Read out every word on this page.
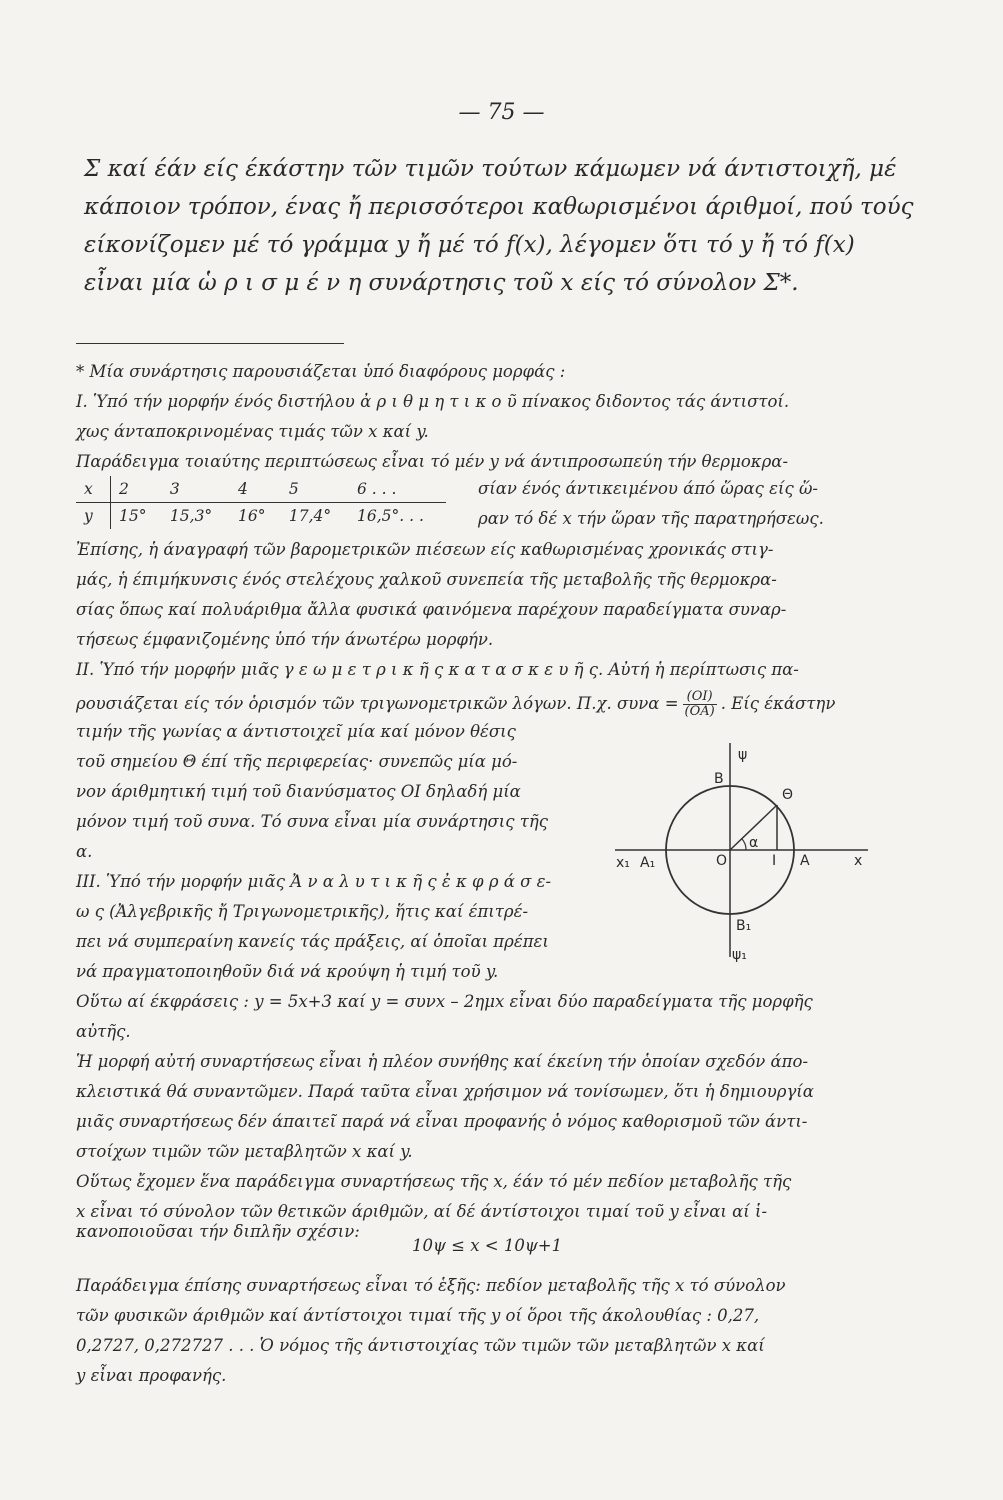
— 75 —
Σ καί έάν είς έκάστην τῶν τιμῶν τούτων κάμωμεν νά άντιστοιχῆ, μέ
κάποιον τρόπον, ένας ἤ περισσότεροι καθωρισμένοι άριθμοί, πού τούς
είκονίζομεν μέ τό γράμμα y ἤ μέ τό f(x), λέγομεν ὅτι τό y ἤ τό f(x)
εἶναι μία ὡ ρ ι σ μ έ ν η συνάρτησις τοῦ x είς τό σύνολον Σ*.

* Μία συνάρτησις παρουσιάζεται ὑπό διαφόρους μορφάς :

Ι. Ὑπό τήν μορφήν ένός διστήλου ἀ ρ ι θ μ η τ ι κ ο ῦ πίνακος διδοντος τάς άντιστοί.

χως άνταποκρινομένας τιμάς τῶν x καί y.

Παράδειγμα τοιαύτης περιπτώσεως εἶναι τό μέν y νά άντιπροσωπεύη τήν θερμοκρα-

x	2	3	4	5	6 . . .
y	15°	15,3°	16°	17,4°	16,5°. . .
σίαν ένός άντικειμένου άπό ὥρας είς ὥ-
ραν τό δέ x τήν ὥραν τῆς παρατηρήσεως.

Ἐπίσης, ἡ άναγραφή τῶν βαρομετρικῶν πιέσεων είς καθωρισμένας χρονικάς στιγ-

μάς, ἡ έπιμήκυνσις ένός στελέχους χαλκοῦ συνεπεία τῆς μεταβολῆς τῆς θερμοκρα-

σίας ὅπως καί πολυάριθμα ἄλλα φυσικά φαινόμενα παρέχουν παραδείγματα συναρ-

τήσεως έμφανιζομένης ὑπό τήν άνωτέρω μορφήν.

ΙΙ. Ὑπό τήν μορφήν μιᾶς γ ε ω μ ε τ ρ ι κ ῆ ς κ α τ α σ κ ε υ ῆ ς. Αὐτή ἡ περίπτωσις πα-

ρουσιάζεται είς τόν ὁρισμόν τῶν τριγωνομετρικῶν λόγων. Π.χ. $\sigma\upsilon\nu\alpha = \frac{(OI)}{(OA)}$ . Είς έκάστην

τιμήν τῆς γωνίας α άντιστοιχεῖ μία καί μόνον θέσις

τοῦ σημείου Θ έπί τῆς περιφερείας· συνεπῶς μία μό-

νον άριθμητική τιμή τοῦ διανύσματος ΟΙ δηλαδή μία

μόνον τιμή τοῦ συνα. Τό συνα εἶναι μία συνάρτησις τῆς

α.

ΙΙΙ. Ὑπό τήν μορφήν μιᾶς Ἀ ν α λ υ τ ι κ ῆ ς ἐ κ φ ρ ά σ ε-

ω ς (Ἀλγεβρικῆς ἤ Τριγωνομετρικῆς), ἥτις καί έπιτρέ-

πει νά συμπεραίνη κανείς τάς πράξεις, αί ὁποῖαι πρέπει

νά πραγματοποιηθοῦν διά νά κρούψη ἡ τιμή τοῦ y.

Οὕτω αί έκφράσεις : y = 5x+3 καί y = συνx – 2ημx εἶναι δύο παραδείγματα τῆς μορφῆς

αὐτῆς.

Ἡ μορφή αὐτή συναρτήσεως εἶναι ἡ πλέον συνήθης καί έκείνη τήν ὁποίαν σχεδόν άπο-

κλειστικά θά συναντῶμεν. Παρά ταῦτα εἶναι χρήσιμον νά τονίσωμεν, ὅτι ἡ δημιουργία

μιᾶς συναρτήσεως δέν άπαιτεῖ παρά νά εἶναι προφανής ὁ νόμος καθορισμοῦ τῶν άντι-

στοίχων τιμῶν τῶν μεταβλητῶν x καί y.

Οὕτως ἔχομεν ἕνα παράδειγμα συναρτήσεως τῆς x, έάν τό μέν πεδίον μεταβολῆς τῆς

x εἶναι τό σύνολον τῶν θετικῶν άριθμῶν, αί δέ άντίστοιχοι τιμαί τοῦ y εἶναι αί ἱ-

κανοποιοῦσαι τήν διπλῆν σχέσιν:

10ψ ≤ x < 10ψ+1

Παράδειγμα έπίσης συναρτήσεως εἶναι τό ἑξῆς: πεδίον μεταβολῆς τῆς x τό σύνολον

τῶν φυσικῶν άριθμῶν καί άντίστοιχοι τιμαί τῆς y οί ὅροι τῆς άκολουθίας : 0,27,

0,2727, 0,272727 . . . Ὁ νόμος τῆς άντιστοιχίας τῶν τιμῶν τῶν μεταβλητῶν x καί

y εἶναι προφανής.

ψ
Β
Θ
α
x₁ Α₁	Ο	Ι Α	x
Β₁
ψ₁
